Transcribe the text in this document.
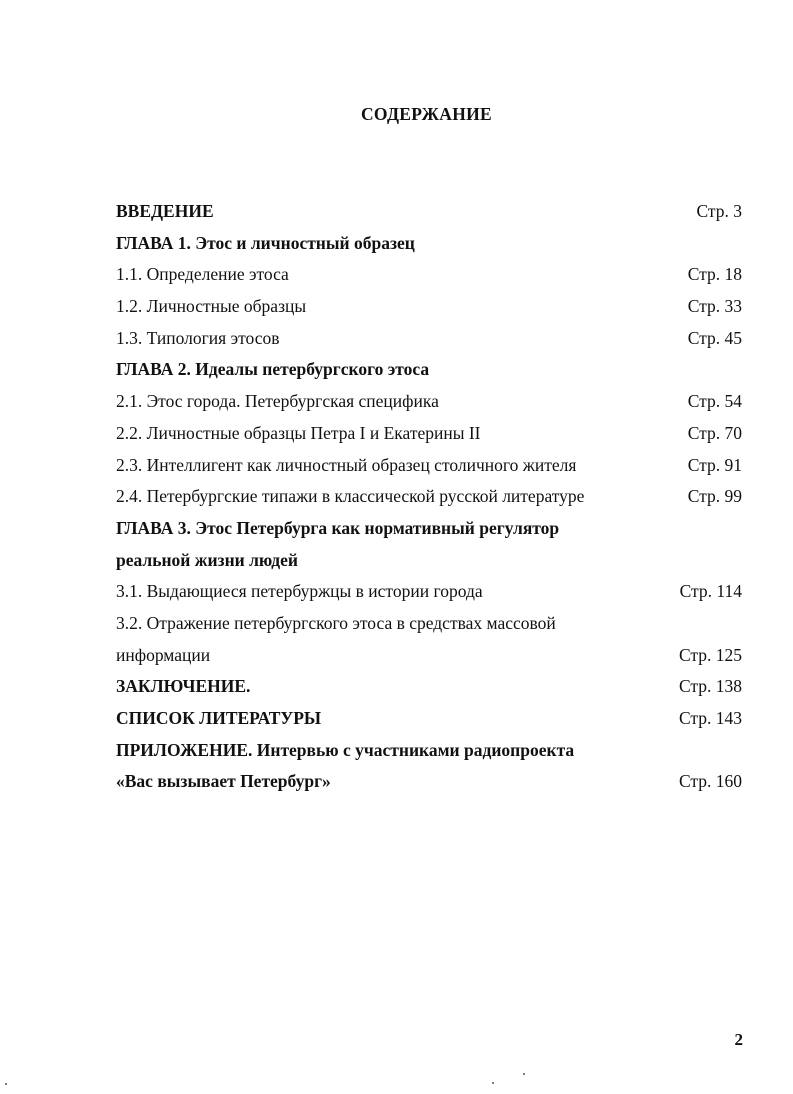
СОДЕРЖАНИЕ
ВВЕДЕНИЕ	Стр. 3
ГЛАВА 1. Этос и личностный образец
1.1. Определение этоса	Стр. 18
1.2. Личностные образцы	Стр. 33
1.3. Типология этосов	Стр. 45
ГЛАВА 2. Идеалы петербургского этоса
2.1. Этос города. Петербургская специфика	Стр. 54
2.2. Личностные образцы Петра I и Екатерины II	Стр. 70
2.3. Интеллигент как личностный образец столичного жителя	Стр. 91
2.4. Петербургские типажи в классической русской литературе	Стр. 99
ГЛАВА 3. Этос Петербурга как нормативный регулятор
реальной жизни людей
3.1. Выдающиеся петербуржцы в истории города	Стр. 114
3.2. Отражение петербургского этоса в средствах массовой
информации	Стр. 125
ЗАКЛЮЧЕНИЕ.	Стр. 138
СПИСОК ЛИТЕРАТУРЫ	Стр. 143
ПРИЛОЖЕНИЕ. Интервью с участниками радиопроекта
«Вас вызывает Петербург»	Стр. 160
2
